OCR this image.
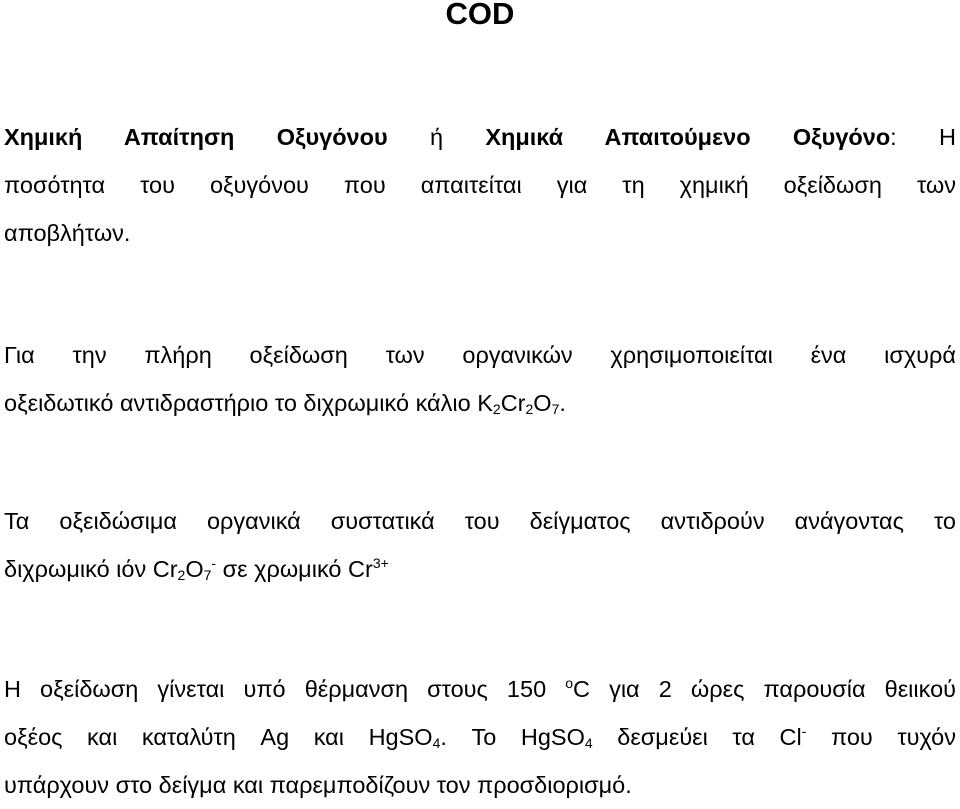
COD
Χημική Απαίτηση Οξυγόνου ή Χημικά Απαιτούμενο Οξυγόνο: Η
ποσότητα του οξυγόνου που απαιτείται για τη χημική οξείδωση των
αποβλήτων.
Για την πλήρη οξείδωση των οργανικών χρησιμοποιείται ένα ισχυρά
οξειδωτικό αντιδραστήριο το διχρωμικό κάλιο $K_2Cr_2O_7$.
Τα οξειδώσιμα οργανικά συστατικά του δείγματος αντιδρούν ανάγοντας το
διχρωμικό ιόν $Cr_2O_7^-$ σε χρωμικό $Cr^{3+}$
Η οξείδωση γίνεται υπό θέρμανση στους 150 $^o$C για 2 ώρες παρουσία θειικού
οξέος και καταλύτη Ag και HgSO$_4$. Το HgSO$_4$ δεσμεύει τα Cl- που τυχόν
υπάρχουν στο δείγμα και παρεμποδίζουν τον προσδιορισμό.
